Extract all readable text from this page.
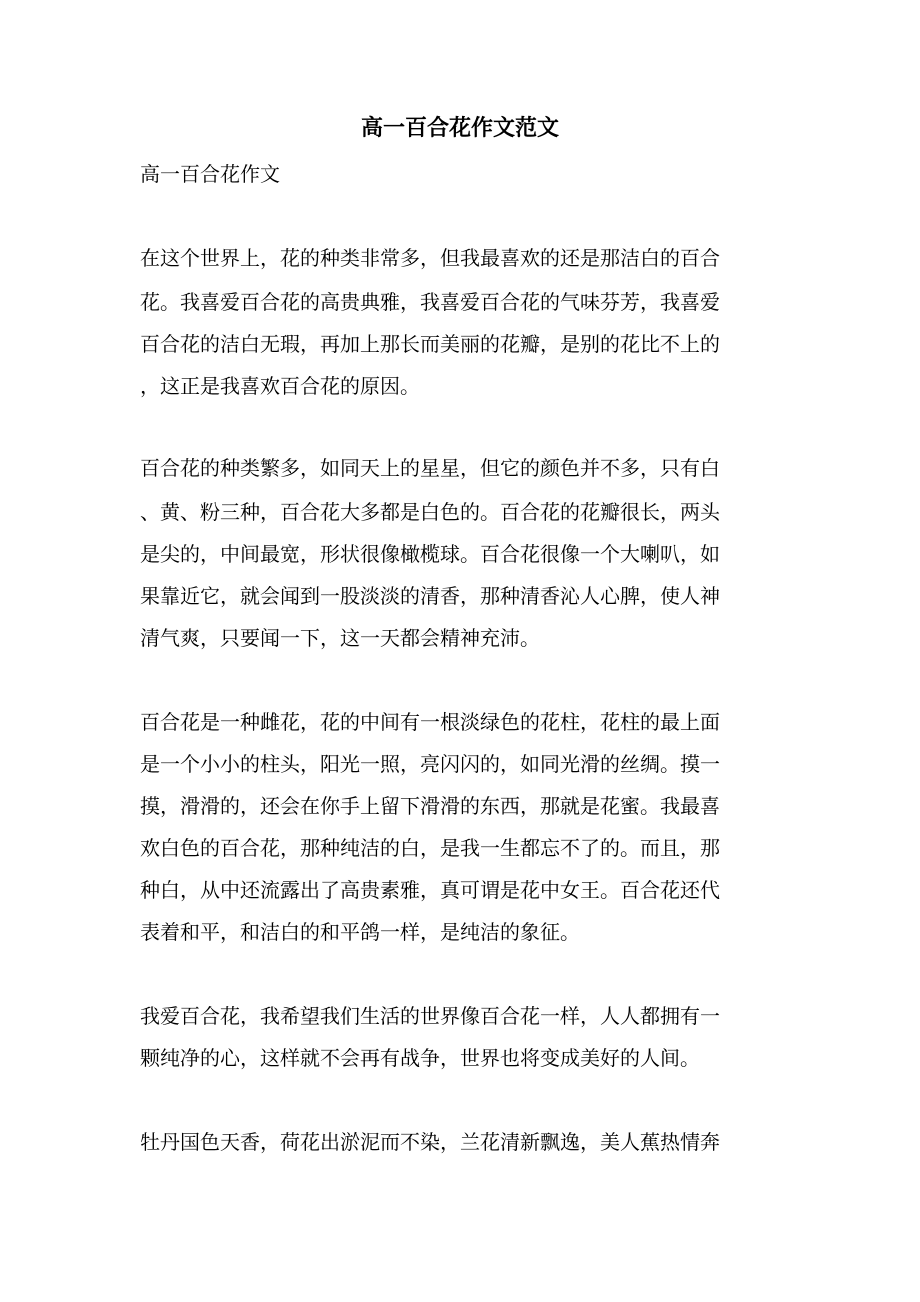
高一百合花作文范文

高一百合花作文

在这个世界上，花的种类非常多，但我最喜欢的还是那洁白的百合

花。我喜爱百合花的高贵典雅，我喜爱百合花的气味芬芳，我喜爱

百合花的洁白无瑕，再加上那长而美丽的花瓣，是别的花比不上的

，这正是我喜欢百合花的原因。

百合花的种类繁多，如同天上的星星，但它的颜色并不多，只有白

、黄、粉三种，百合花大多都是白色的。百合花的花瓣很长，两头

是尖的，中间最宽，形状很像橄榄球。百合花很像一个大喇叭，如

果靠近它，就会闻到一股淡淡的清香，那种清香沁人心脾，使人神

清气爽，只要闻一下，这一天都会精神充沛。

百合花是一种雌花，花的中间有一根淡绿色的花柱，花柱的最上面

是一个小小的柱头，阳光一照，亮闪闪的，如同光滑的丝绸。摸一

摸，滑滑的，还会在你手上留下滑滑的东西，那就是花蜜。我最喜

欢白色的百合花，那种纯洁的白，是我一生都忘不了的。而且，那

种白，从中还流露出了高贵素雅，真可谓是花中女王。百合花还代

表着和平，和洁白的和平鸽一样，是纯洁的象征。

我爱百合花，我希望我们生活的世界像百合花一样，人人都拥有一

颗纯净的心，这样就不会再有战争，世界也将变成美好的人间。

牡丹国色天香，荷花出淤泥而不染，兰花清新飘逸，美人蕉热情奔
